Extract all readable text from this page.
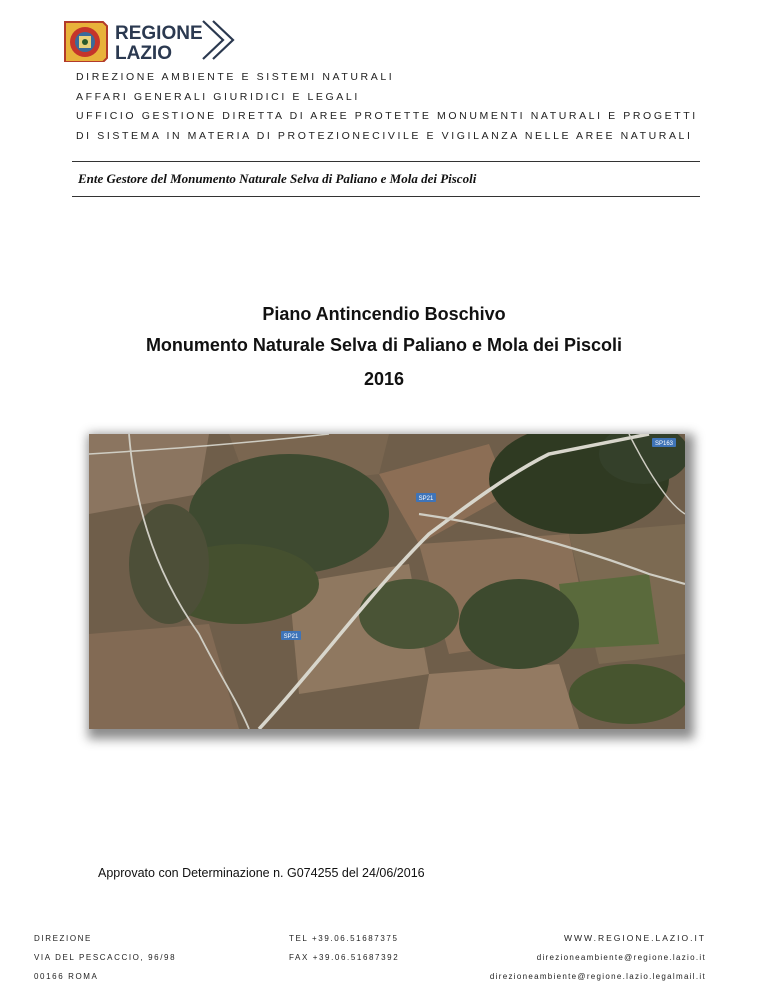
REGIONE
LAZIO
DIREZIONE AMBIENTE E SISTEMI NATURALI
AFFARI GENERALI GIURIDICI E LEGALI
UFFICIO GESTIONE DIRETTA DI AREE PROTETTE MONUMENTI NATURALI E PROGETTI
DI SISTEMA IN MATERIA DI PROTEZIONECIVILE E VIGILANZA NELLE AREE NATURALI
Ente Gestore del Monumento Naturale Selva di Paliano e Mola dei Piscoli
Piano Antincendio Boschivo
Monumento Naturale Selva di Paliano e Mola dei Piscoli
2016
SP21
SP21
SP163
Approvato con Determinazione n. G074255 del 24/06/2016
DIREZIONE
VIA DEL PESCACCIO, 96/98
00166 ROMA
TEL +39.06.51687375
FAX +39.06.51687392
WWW.REGIONE.LAZIO.IT
direzioneambiente@regione.lazio.it
direzioneambiente@regione.lazio.legalmail.it
